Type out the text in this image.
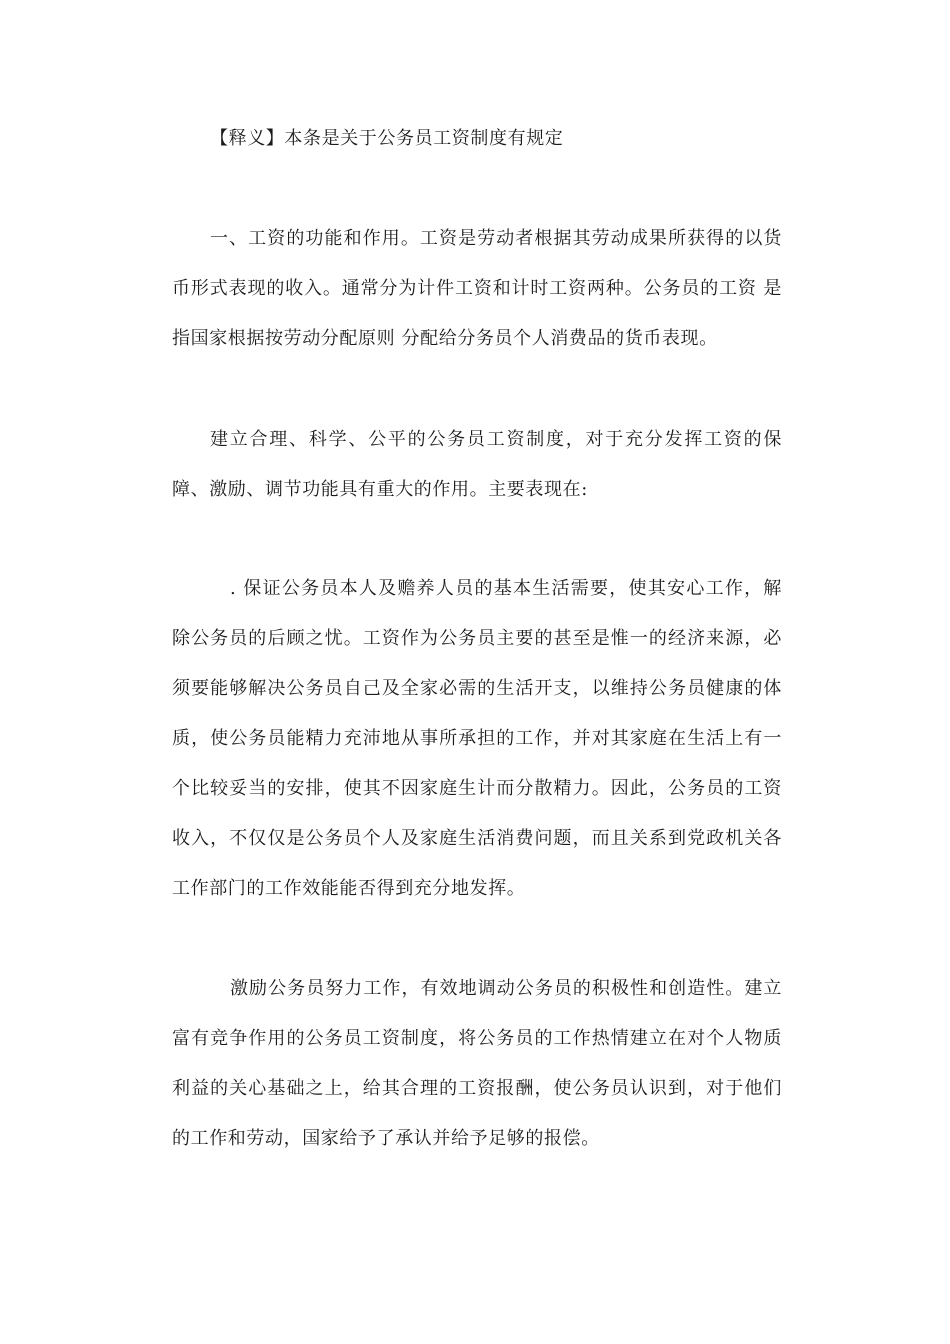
【释义】本条是关于公务员工资制度有规定

一、工资的功能和作用。工资是劳动者根据其劳动成果所获得的以货币形式表现的收入。通常分为计件工资和计时工资两种。公务员的工资 是指国家根据按劳动分配原则 分配给分务员个人消费品的货币表现。

建立合理、科学、公平的公务员工资制度，对于充分发挥工资的保障、激励、调节功能具有重大的作用。主要表现在:

. 保证公务员本人及赡养人员的基本生活需要，使其安心工作，解除公务员的后顾之忧。工资作为公务员主要的甚至是惟一的经济来源，必须要能够解决公务员自己及全家必需的生活开支，以维持公务员健康的体质，使公务员能精力充沛地从事所承担的工作，并对其家庭在生活上有一个比较妥当的安排，使其不因家庭生计而分散精力。因此，公务员的工资收入，不仅仅是公务员个人及家庭生活消费问题，而且关系到党政机关各工作部门的工作效能能否得到充分地发挥。

激励公务员努力工作，有效地调动公务员的积极性和创造性。建立富有竞争作用的公务员工资制度，将公务员的工作热情建立在对个人物质利益的关心基础之上，给其合理的工资报酬，使公务员认识到，对于他们的工作和劳动，国家给予了承认并给予足够的报偿。
